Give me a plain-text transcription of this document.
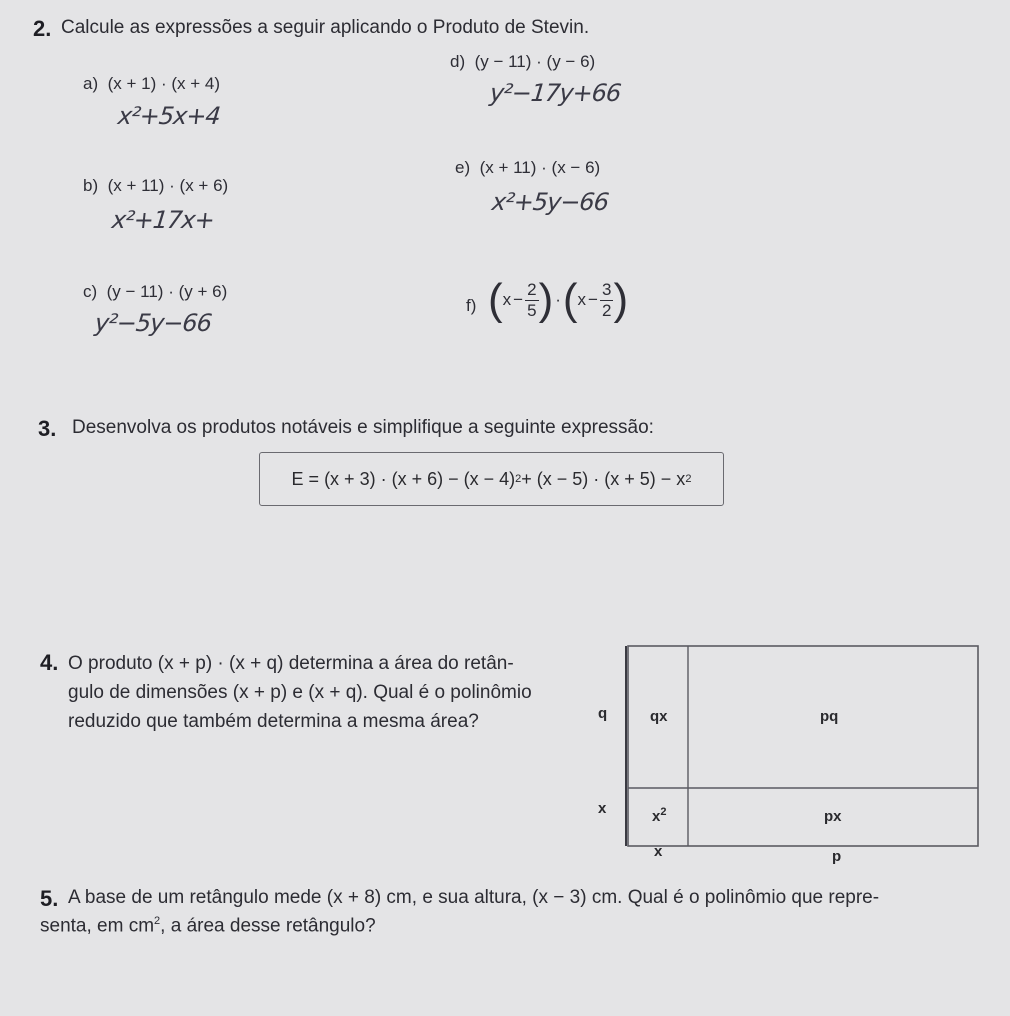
2. Calcule as expressões a seguir aplicando o Produto de Stevin.
a) (x + 1) · (x + 4)
x²+5x+4
d) (y − 11) · (y − 6)
y²−17y+66
b) (x + 11) · (x + 6)
x²+17x+
e) (x + 11) · (x − 6)
x²+5y−66
c) (y − 11) · (y + 6)
y²−5y−66
f) ( $x - \frac{2}{5}$ ) · ( $x - \frac{3}{2}$ )
3. Desenvolva os produtos notáveis e simplifique a seguinte expressão:
E = (x + 3) · (x + 6) − (x − 4) 2 + (x − 5) · (x + 5) − x 2
4. O produto (x + p) · (x + q) determina a área do retân-
gulo de dimensões (x + p) e (x + q). Qual é o polinômio
reduzido que também determina a mesma área?	q
x
qx	pq
$x^2$	px
x	p
5. A base de um retângulo mede (x + 8) cm, e sua altura, (x − 3) cm. Qual é o polinômio que repre-
senta, em $cm^2$, a área desse retângulo?
